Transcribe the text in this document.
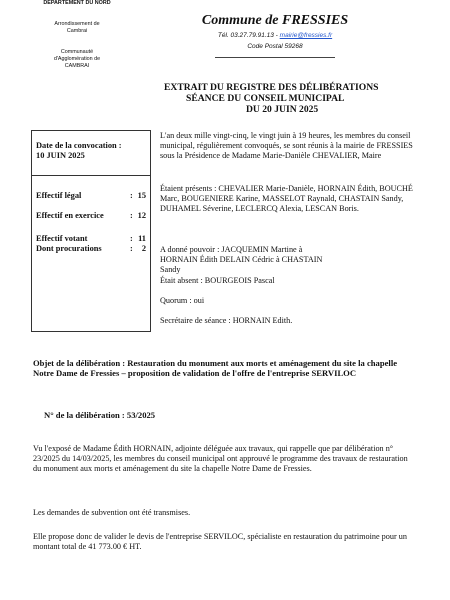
DEPARTEMENT DU NORD
Arrondissement de
Cambrai
Communauté
d'Agglomération de
CAMBRAI
Commune de FRESSIES
Tél. 03.27.79.91.13 - mairie@fressies.fr
Code Postal 59268
EXTRAIT DU REGISTRE DES DÉLIBÉRATIONS
SÉANCE DU CONSEIL MUNICIPAL
DU 20 JUIN 2025
Date de la convocation :
10 JUIN 2025
Effectif légal	: 15
Effectif en exercice	: 12
Effectif votant	: 11
Dont procurations	: 2
L'an deux mille vingt-cinq, le vingt juin à 19 heures, les membres du conseil municipal, régulièrement convoqués, se sont réunis à la mairie de FRESSIES sous la Présidence de Madame Marie-Danièle CHEVALIER, Maire
Étaient présents : CHEVALIER Marie-Danièle, HORNAIN Édith, BOUCHÉ Marc, BOUGENIERE Karine, MASSELOT Raynald, CHASTAIN Sandy, DUHAMEL Séverine, LECLERCQ Alexia, LESCAN Boris.
A donné pouvoir : JACQUEMIN Martine à HORNAIN Édith DELAIN Cédric à CHASTAIN Sandy
Était absent : BOURGEOIS Pascal
Quorum : oui
Secrétaire de séance : HORNAIN Edith.
Objet de la délibération : Restauration du monument aux morts et aménagement du site la chapelle Notre Dame de Fressies – proposition de validation de l'offre de l'entreprise SERVILOC
N° de la délibération : 53/2025
Vu l'exposé de Madame Édith HORNAIN, adjointe déléguée aux travaux, qui rappelle que par délibération n° 23/2025 du 14/03/2025, les membres du conseil municipal ont approuvé le programme des travaux de restauration du monument aux morts et aménagement du site la chapelle Notre Dame de Fressies.
Les demandes de subvention ont été transmises.
Elle propose donc de valider le devis de l'entreprise SERVILOC, spécialiste en restauration du patrimoine pour un montant total de 41 773.00 € HT.
